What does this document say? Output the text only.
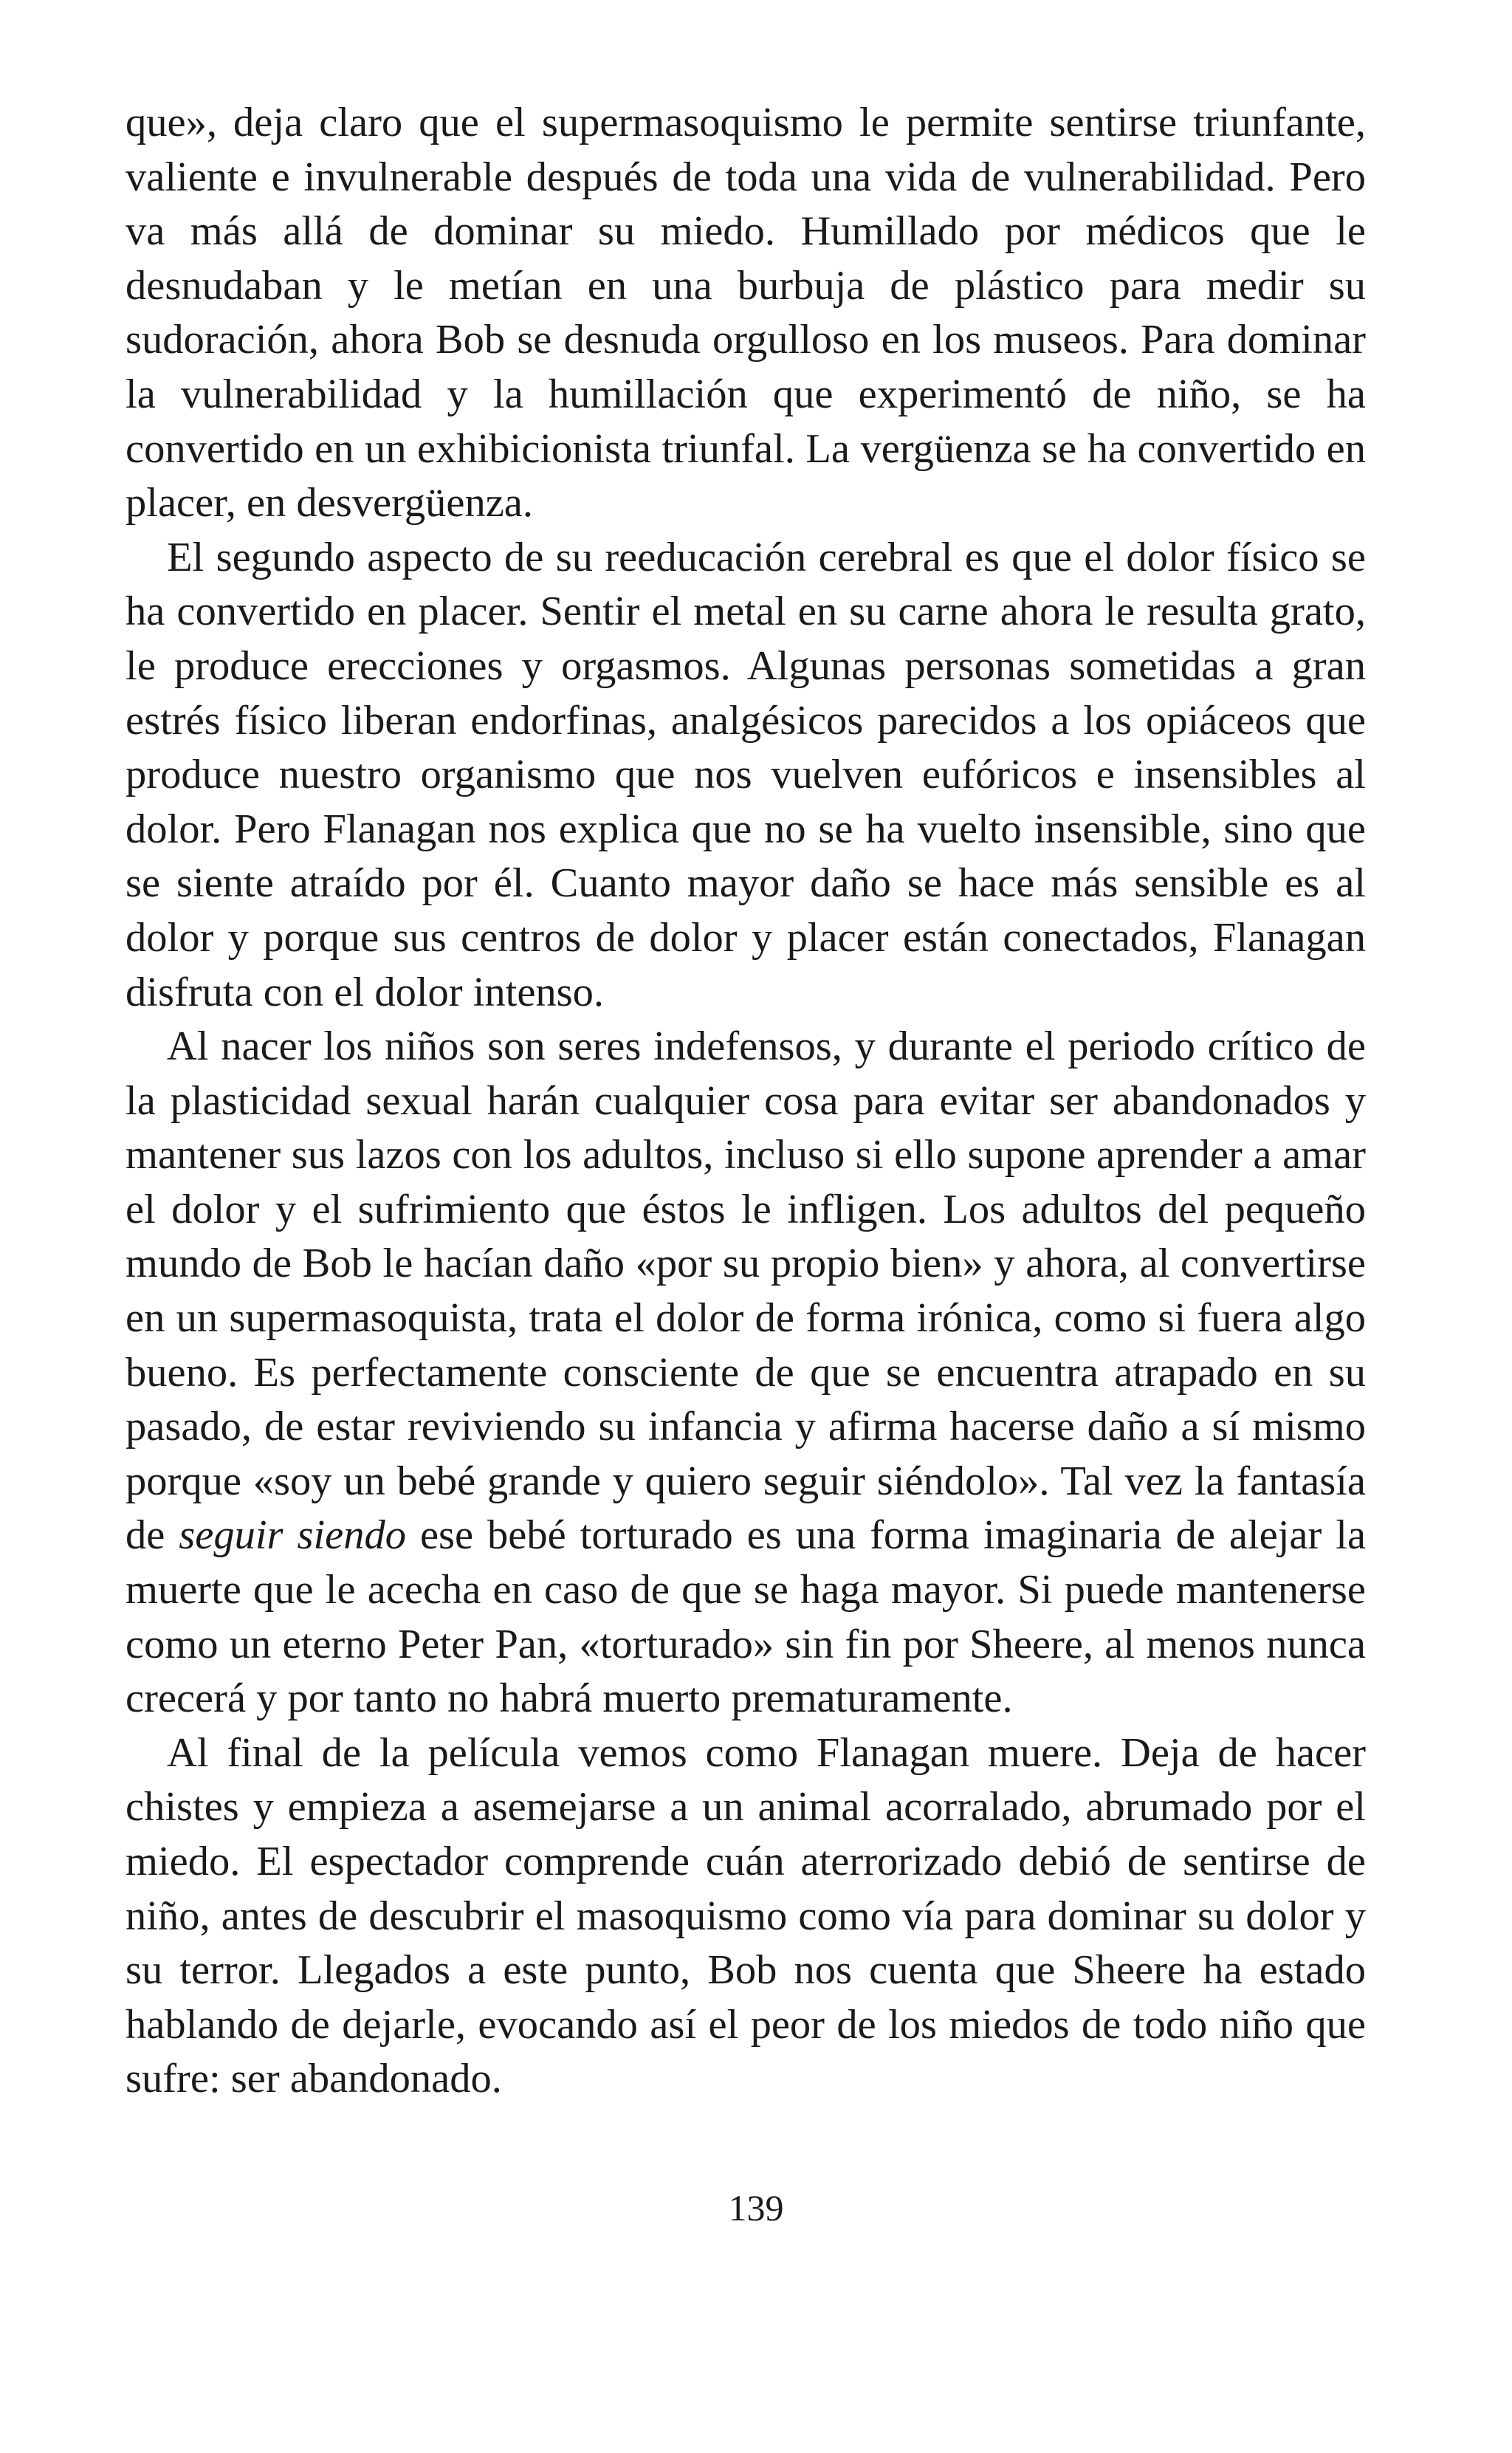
que», deja claro que el supermasoquismo le permite sentirse triunfante, valiente e invulnerable después de toda una vida de vulnerabilidad. Pero va más allá de dominar su miedo. Humillado por médicos que le desnudaban y le metían en una burbuja de plástico para medir su sudoración, ahora Bob se desnuda orgulloso en los museos. Para dominar la vulnerabilidad y la humillación que experimentó de niño, se ha convertido en un exhibicionista triunfal. La vergüenza se ha convertido en placer, en desvergüenza.

El segundo aspecto de su reeducación cerebral es que el dolor físico se ha convertido en placer. Sentir el metal en su carne ahora le resulta grato, le produce erecciones y orgasmos. Algunas personas sometidas a gran estrés físico liberan endorfinas, analgésicos parecidos a los opiáceos que produce nuestro organismo que nos vuelven eufóricos e insensibles al dolor. Pero Flanagan nos explica que no se ha vuelto insensible, sino que se siente atraído por él. Cuanto mayor daño se hace más sensible es al dolor y porque sus centros de dolor y placer están conectados, Flanagan disfruta con el dolor intenso.

Al nacer los niños son seres indefensos, y durante el periodo crítico de la plasticidad sexual harán cualquier cosa para evitar ser abandonados y mantener sus lazos con los adultos, incluso si ello supone aprender a amar el dolor y el sufrimiento que éstos le infligen. Los adultos del pequeño mundo de Bob le hacían daño «por su propio bien» y ahora, al convertirse en un supermasoquista, trata el dolor de forma irónica, como si fuera algo bueno. Es perfectamente consciente de que se encuentra atrapado en su pasado, de estar reviviendo su infancia y afirma hacerse daño a sí mismo porque «soy un bebé grande y quiero seguir siéndolo». Tal vez la fantasía de seguir siendo ese bebé torturado es una forma imaginaria de alejar la muerte que le acecha en caso de que se haga mayor. Si puede mantenerse como un eterno Peter Pan, «torturado» sin fin por Sheere, al menos nunca crecerá y por tanto no habrá muerto prematuramente.

Al final de la película vemos como Flanagan muere. Deja de hacer chistes y empieza a asemejarse a un animal acorralado, abrumado por el miedo. El espectador comprende cuán aterrorizado debió de sentirse de niño, antes de descubrir el masoquismo como vía para dominar su dolor y su terror. Llegados a este punto, Bob nos cuenta que Sheere ha estado hablando de dejarle, evocando así el peor de los miedos de todo niño que sufre: ser abandonado.

139
